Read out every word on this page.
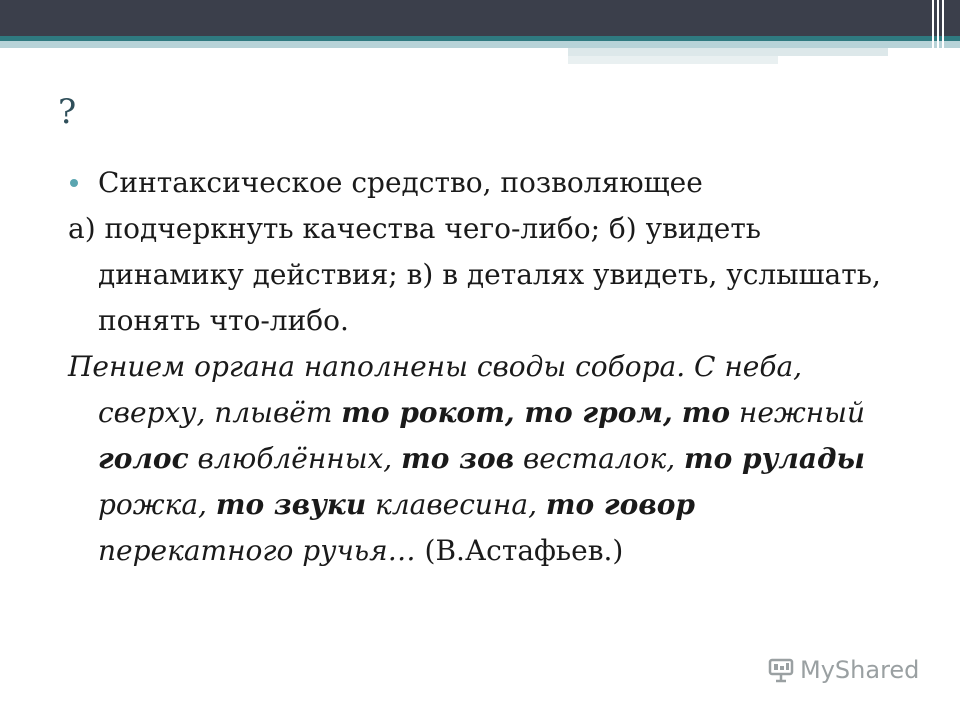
?
Синтаксическое средство, позволяющее

а) подчеркнуть качества чего-либо; б) увидеть динамику действия; в) в деталях увидеть, услышать, понять что-либо.

Пением органа наполнены своды собора. С неба, сверху, плывёт то рокот, то гром, то нежный голос влюблённых, то зов весталок, то рулады рожка, то звуки клавесина, то говор перекатного ручья… (В.Астафьев.)

MyShared
